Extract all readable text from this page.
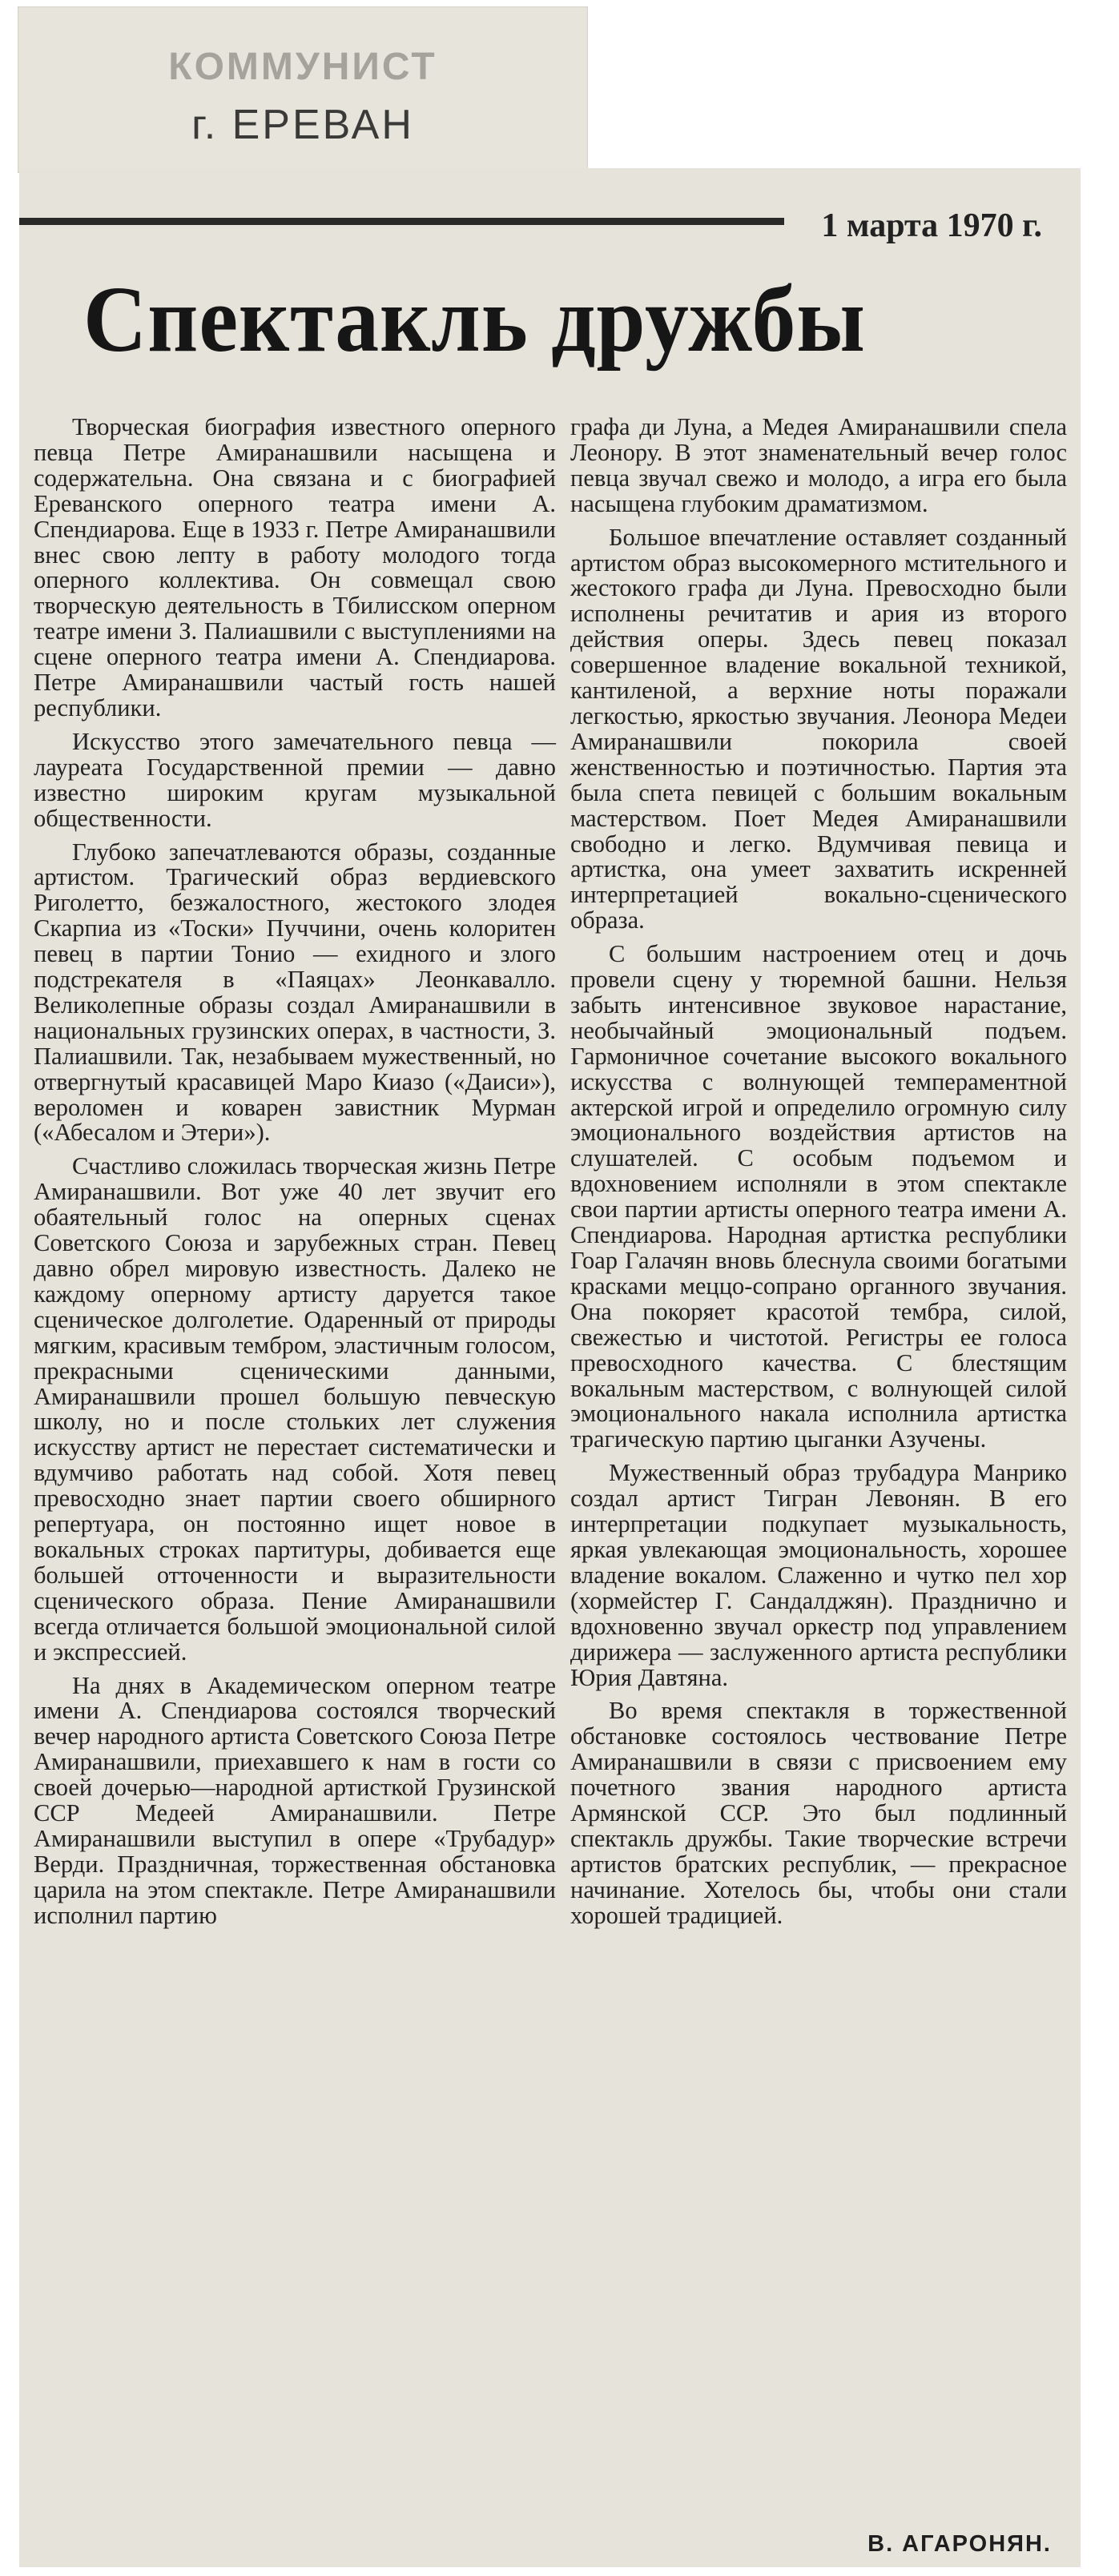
КОММУНИСТ
г. ЕРЕВАН
1 марта 1970 г.
Спектакль дружбы

Творческая биография известного оперного певца Петре Амиранашвили насыщена и содержательна. Она связана и с биографией Ереванского оперного театра имени А. Спендиарова. Еще в 1933 г. Петре Амиранашвили внес свою лепту в работу молодого тогда оперного коллектива. Он совмещал свою творческую деятельность в Тбилисском оперном театре имени З. Палиашвили с выступлениями на сцене оперного театра имени А. Спендиарова. Петре Амиранашвили частый гость нашей республики.

Искусство этого замечательного певца — лауреата Государственной премии — давно известно широким кругам музыкальной общественности.

Глубоко запечатлеваются образы, созданные артистом. Трагический образ вердиевского Риголетто, безжалостного, жестокого злодея Скарпиа из «Тоски» Пуччини, очень колоритен певец в партии Тонио — ехидного и злого подстрекателя в «Паяцах» Леонкавалло. Великолепные образы создал Амиранашвили в национальных грузинских операх, в частности, З. Палиашвили. Так, незабываем мужественный, но отвергнутый красавицей Маро Киазо («Даиси»), вероломен и коварен завистник Мурман («Абесалом и Этери»).

Счастливо сложилась творческая жизнь Петре Амиранашвили. Вот уже 40 лет звучит его обаятельный голос на оперных сценах Советского Союза и зарубежных стран. Певец давно обрел мировую известность. Далеко не каждому оперному артисту даруется такое сценическое долголетие. Одаренный от природы мягким, красивым тембром, эластичным голосом, прекрасными сценическими данными, Амиранашвили прошел большую певческую школу, но и после стольких лет служения искусству артист не перестает систематически и вдумчиво работать над собой. Хотя певец превосходно знает партии своего обширного репертуара, он постоянно ищет новое в вокальных строках партитуры, добивается еще большей отточенности и выразительности сценического образа. Пение Амиранашвили всегда отличается большой эмоциональной силой и экспрессией.

На днях в Академическом оперном театре имени А. Спендиарова состоялся творческий вечер народного артиста Советского Союза Петре Амиранашвили, приехавшего к нам в гости со своей дочерью—народной артисткой Грузинской ССР Медеей Амиранашвили. Петре Амиранашвили выступил в опере «Трубадур» Верди. Праздничная, торжественная обстановка царила на этом спектакле. Петре Амиранашвили исполнил партию

графа ди Луна, а Медея Амиранашвили спела Леонору. В этот знаменательный вечер голос певца звучал свежо и молодо, а игра его была насыщена глубоким драматизмом.

Большое впечатление оставляет созданный артистом образ высокомерного мстительного и жестокого графа ди Луна. Превосходно были исполнены речитатив и ария из второго действия оперы. Здесь певец показал совершенное владение вокальной техникой, кантиленой, а верхние ноты поражали легкостью, яркостью звучания. Леонора Медеи Амиранашвили покорила своей женственностью и поэтичностью. Партия эта была спета певицей с большим вокальным мастерством. Поет Медея Амиранашвили свободно и легко. Вдумчивая певица и артистка, она умеет захватить искренней интерпретацией вокально-сценического образа.

С большим настроением отец и дочь провели сцену у тюремной башни. Нельзя забыть интенсивное звуковое нарастание, необычайный эмоциональный подъем. Гармоничное сочетание высокого вокального искусства с волнующей темпераментной актерской игрой и определило огромную силу эмоционального воздействия артистов на слушателей. С особым подъемом и вдохновением исполняли в этом спектакле свои партии артисты оперного театра имени А. Спендиарова. Народная артистка республики Гоар Галачян вновь блеснула своими богатыми красками меццо-сопрано органного звучания. Она покоряет красотой тембра, силой, свежестью и чистотой. Регистры ее голоса превосходного качества. С блестящим вокальным мастерством, с волнующей силой эмоционального накала исполнила артистка трагическую партию цыганки Азучены.

Мужественный образ трубадура Манрико создал артист Тигран Левонян. В его интерпретации подкупает музыкальность, яркая увлекающая эмоциональность, хорошее владение вокалом. Слаженно и чутко пел хор (хормейстер Г. Сандалджян). Празднично и вдохновенно звучал оркестр под управлением дирижера — заслуженного артиста республики Юрия Давтяна.

Во время спектакля в торжественной обстановке состоялось чествование Петре Амиранашвили в связи с присвоением ему почетного звания народного артиста Армянской ССР. Это был подлинный спектакль дружбы. Такие творческие встречи артистов братских республик, — прекрасное начинание. Хотелось бы, чтобы они стали хорошей традицией.

В. АГАРОНЯН.
